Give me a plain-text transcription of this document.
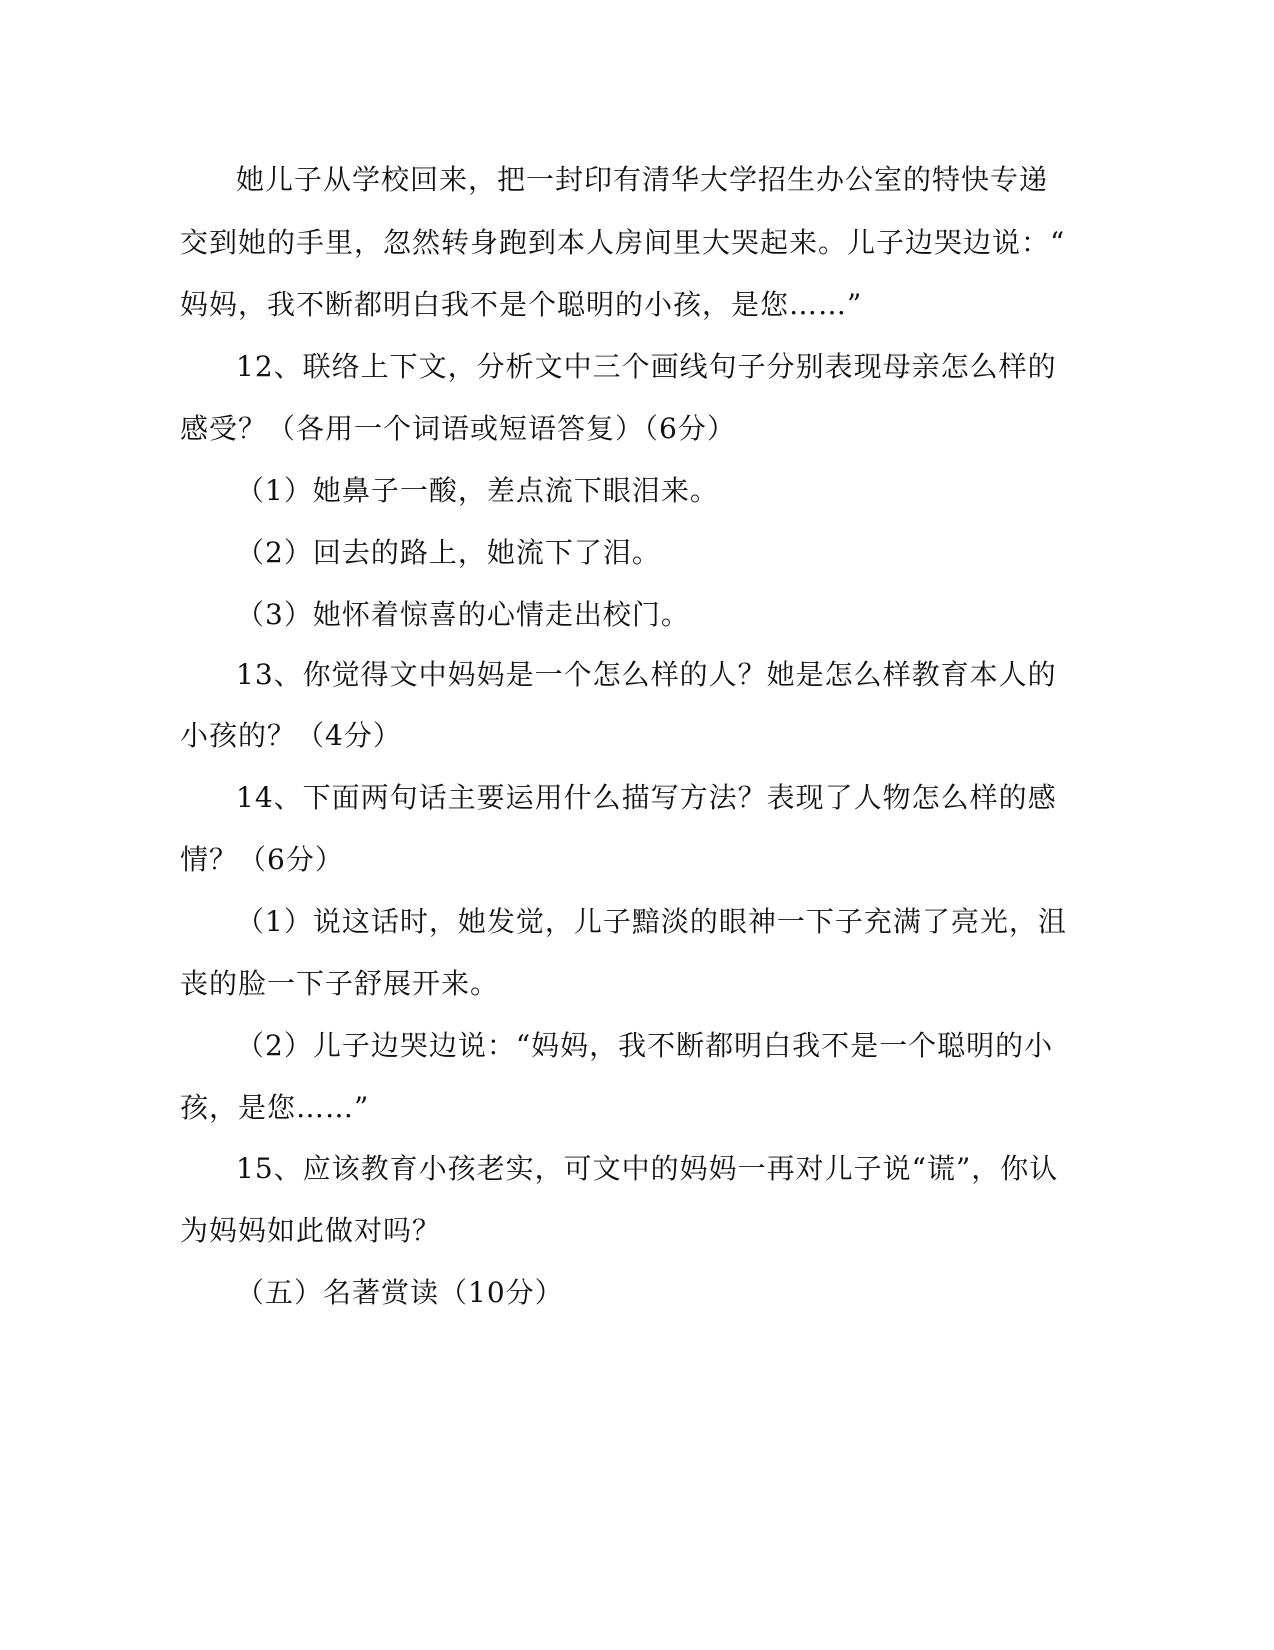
她儿子从学校回来，把一封印有清华大学招生办公室的特快专递
交到她的手里，忽然转身跑到本人房间里大哭起来。儿子边哭边说：“
妈妈，我不断都明白我不是个聪明的小孩，是您……”
12、联络上下文，分析文中三个画线句子分别表现母亲怎么样的
感受？（各用一个词语或短语答复）（6分）
（1）她鼻子一酸，差点流下眼泪来。
（2）回去的路上，她流下了泪。
（3）她怀着惊喜的心情走出校门。
13、你觉得文中妈妈是一个怎么样的人？她是怎么样教育本人的
小孩的？（4分）
14、下面两句话主要运用什么描写方法？表现了人物怎么样的感
情？（6分）
（1）说这话时，她发觉，儿子黯淡的眼神一下子充满了亮光，沮
丧的脸一下子舒展开来。
（2）儿子边哭边说：“妈妈，我不断都明白我不是一个聪明的小
孩，是您……”
15、应该教育小孩老实，可文中的妈妈一再对儿子说“谎”，你认
为妈妈如此做对吗？
（五）名著赏读（10分）
